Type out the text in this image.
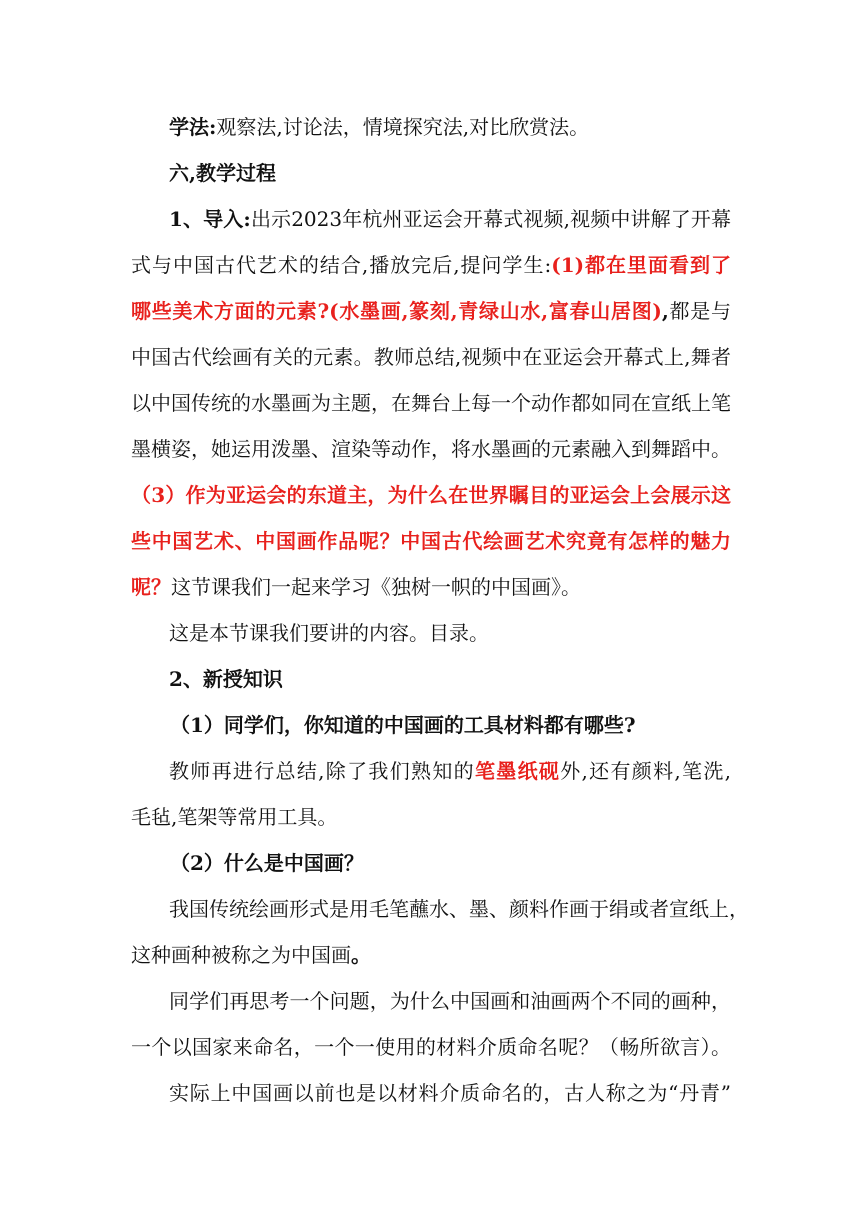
学法:观察法,讨论法，情境探究法,对比欣赏法。
六,教学过程
1、导入:出示2023年杭州亚运会开幕式视频,视频中讲解了开幕
式与中国古代艺术的结合,播放完后,提问学生:(1)都在里面看到了
哪些美术方面的元素?(水墨画,篆刻,青绿山水,富春山居图),都是与
中国古代绘画有关的元素。教师总结,视频中在亚运会开幕式上,舞者
以中国传统的水墨画为主题，在舞台上每一个动作都如同在宣纸上笔
墨横姿，她运用泼墨、渲染等动作，将水墨画的元素融入到舞蹈中。
（3）作为亚运会的东道主，为什么在世界瞩目的亚运会上会展示这
些中国艺术、中国画作品呢？中国古代绘画艺术究竟有怎样的魅力
呢？这节课我们一起来学习《独树一帜的中国画》。
这是本节课我们要讲的内容。目录。
2、新授知识
（1）同学们，你知道的中国画的工具材料都有哪些?
教师再进行总结,除了我们熟知的笔墨纸砚外,还有颜料,笔洗,
毛毡,笔架等常用工具。
（2）什么是中国画？
我国传统绘画形式是用毛笔蘸水、墨、颜料作画于绢或者宣纸上，
这种画种被称之为中国画。
同学们再思考一个问题，为什么中国画和油画两个不同的画种，
一个以国家来命名，一个一使用的材料介质命名呢？（畅所欲言）。
实际上中国画以前也是以材料介质命名的，古人称之为“丹青”
